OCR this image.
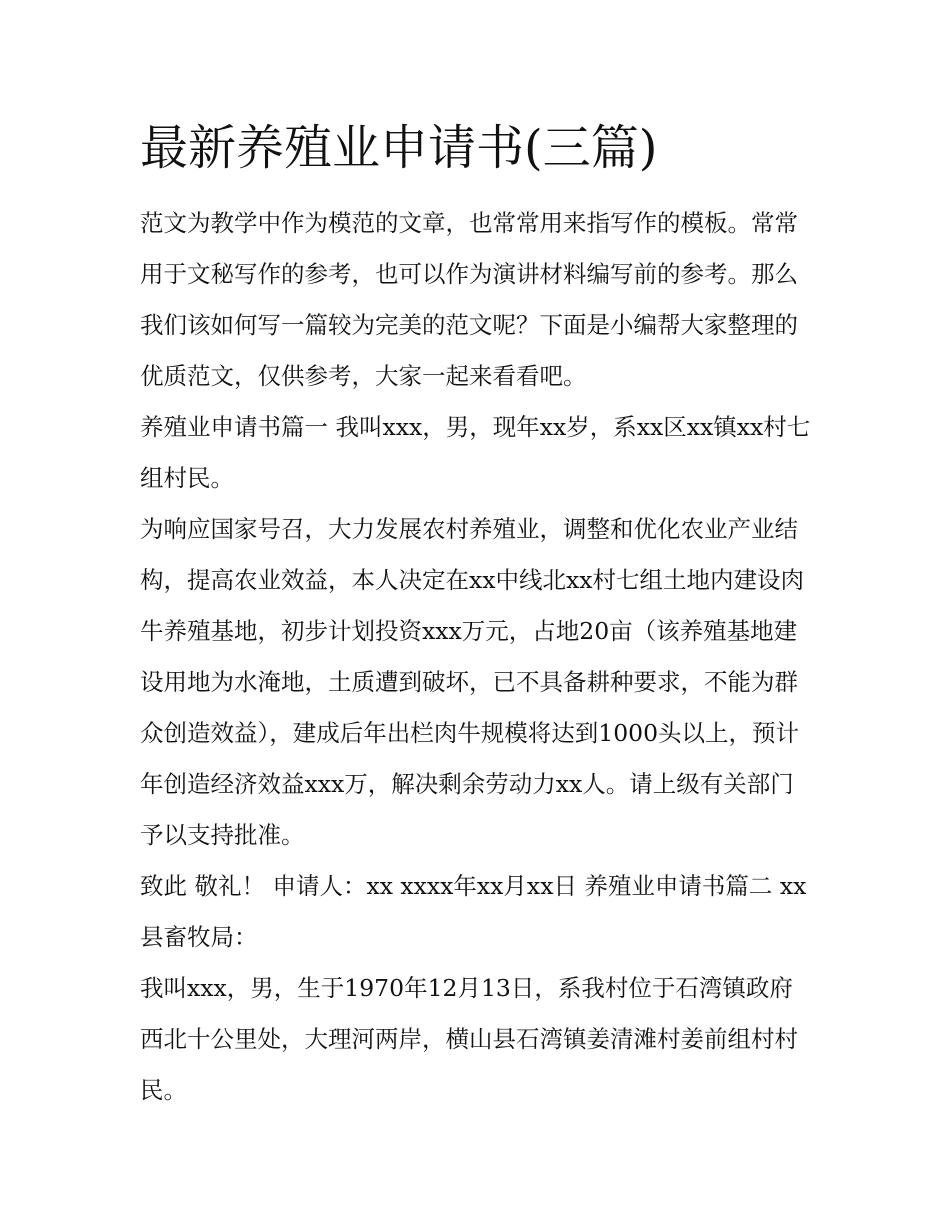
最新养殖业申请书(三篇)

范文为教学中作为模范的文章，也常常用来指写作的模板。常常用于文秘写作的参考，也可以作为演讲材料编写前的参考。那么我们该如何写一篇较为完美的范文呢？下面是小编帮大家整理的优质范文，仅供参考，大家一起来看看吧。

养殖业申请书篇一 我叫xxx，男，现年xx岁，系xx区xx镇xx村七组村民。

为响应国家号召，大力发展农村养殖业，调整和优化农业产业结构，提高农业效益，本人决定在xx中线北xx村七组土地内建设肉牛养殖基地，初步计划投资xxx万元，占地20亩（该养殖基地建设用地为水淹地，土质遭到破坏，已不具备耕种要求，不能为群众创造效益），建成后年出栏肉牛规模将达到1000头以上，预计年创造经济效益xxx万，解决剩余劳动力xx人。请上级有关部门予以支持批准。

致此 敬礼！ 申请人：xx xxxx年xx月xx日 养殖业申请书篇二 xx县畜牧局：

我叫xxx，男，生于1970年12月13日，系我村位于石湾镇政府西北十公里处，大理河两岸，横山县石湾镇姜清滩村姜前组村村民。
